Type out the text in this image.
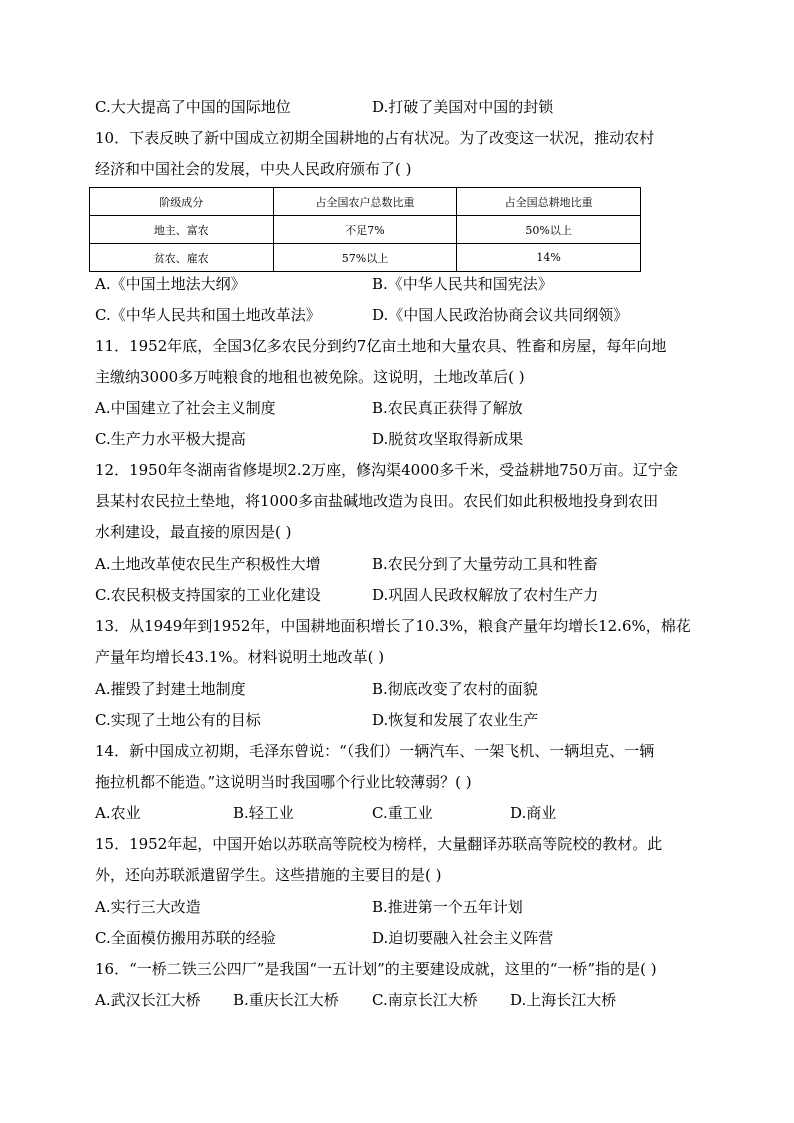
C.大大提高了中国的国际地位	D.打破了美国对中国的封锁
10．下表反映了新中国成立初期全国耕地的占有状况。为了改变这一状况，推动农村
经济和中国社会的发展，中央人民政府颁布了( )
阶级成分	占全国农户总数比重	占全国总耕地比重
地主、富农	不足7%	50%以上
贫农、雇农	57%以上	14%
A.《中国土地法大纲》	B.《中华人民共和国宪法》
C.《中华人民共和国土地改革法》	D.《中国人民政治协商会议共同纲领》
11．1952年底，全国3亿多农民分到约7亿亩土地和大量农具、牲畜和房屋，每年向地
主缴纳3000多万吨粮食的地租也被免除。这说明，土地改革后( )
A.中国建立了社会主义制度	B.农民真正获得了解放
C.生产力水平极大提高	D.脱贫攻坚取得新成果
12．1950年冬湖南省修堤坝2.2万座，修沟渠4000多千米，受益耕地750万亩。辽宁金
县某村农民拉土垫地，将1000多亩盐碱地改造为良田。农民们如此积极地投身到农田
水利建设，最直接的原因是( )
A.土地改革使农民生产积极性大增	B.农民分到了大量劳动工具和牲畜
C.农民积极支持国家的工业化建设	D.巩固人民政权解放了农村生产力
13．从1949年到1952年，中国耕地面积增长了10.3%，粮食产量年均增长12.6%，棉花
产量年均增长43.1%。材料说明土地改革( )
A.摧毁了封建土地制度	B.彻底改变了农村的面貌
C.实现了土地公有的目标	D.恢复和发展了农业生产
14．新中国成立初期，毛泽东曾说：“（我们）一辆汽车、一架飞机、一辆坦克、一辆
拖拉机都不能造。”这说明当时我国哪个行业比较薄弱？( )
A.农业	B.轻工业	C.重工业	D.商业
15．1952年起，中国开始以苏联高等院校为榜样，大量翻译苏联高等院校的教材。此
外，还向苏联派遣留学生。这些措施的主要目的是( )
A.实行三大改造	B.推进第一个五年计划
C.全面模仿搬用苏联的经验	D.迫切要融入社会主义阵营
16．“一桥二铁三公四厂”是我国“一五计划”的主要建设成就，这里的“一桥”指的是( )
A.武汉长江大桥 B.重庆长江大桥 C.南京长江大桥 D.上海长江大桥
